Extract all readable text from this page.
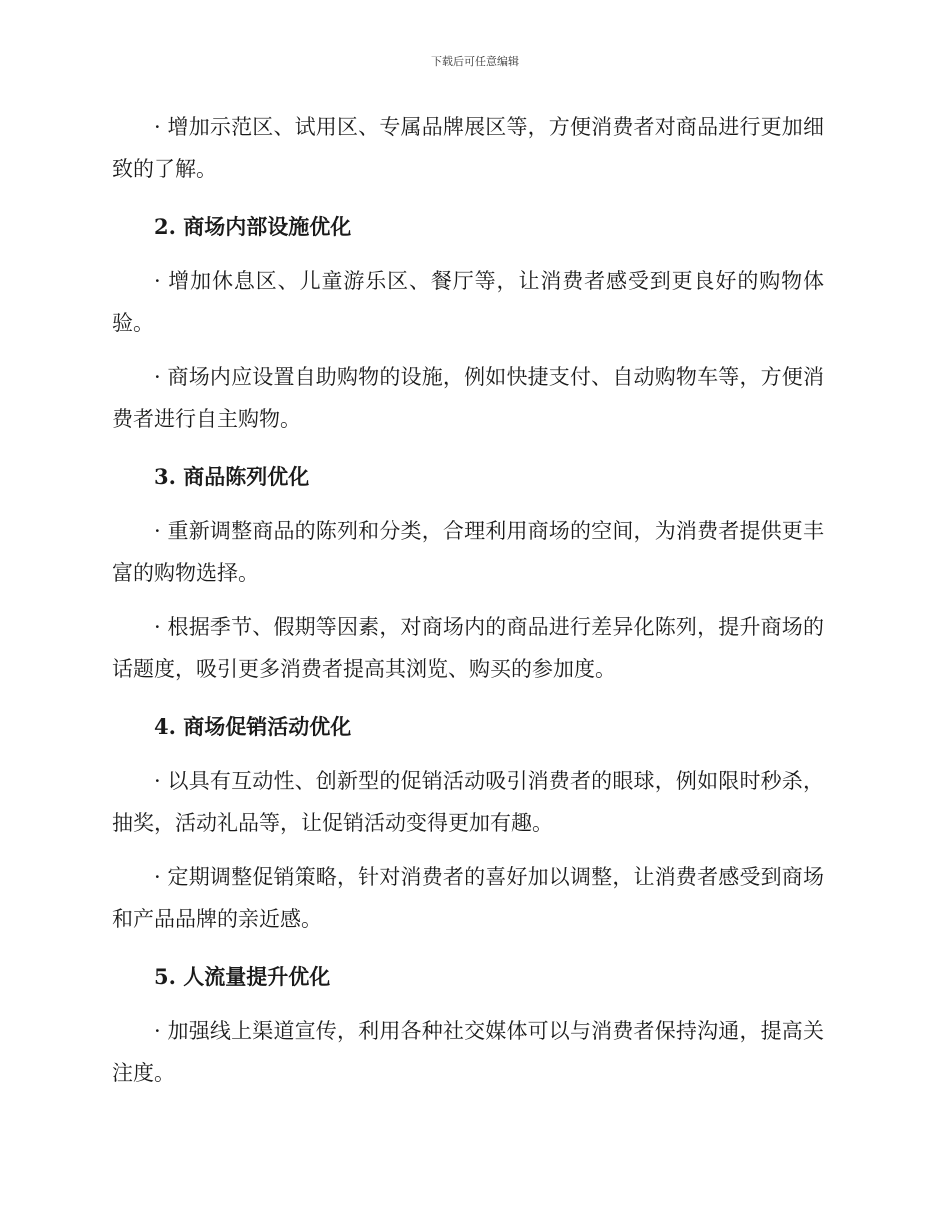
下载后可任意编辑

· 增加示范区、试用区、专属品牌展区等，方便消费者对商品进行更加细致的了解。

2. 商场内部设施优化

· 增加休息区、儿童游乐区、餐厅等，让消费者感受到更良好的购物体验。

· 商场内应设置自助购物的设施，例如快捷支付、自动购物车等，方便消费者进行自主购物。

3. 商品陈列优化

· 重新调整商品的陈列和分类，合理利用商场的空间，为消费者提供更丰富的购物选择。

· 根据季节、假期等因素，对商场内的商品进行差异化陈列，提升商场的话题度，吸引更多消费者提高其浏览、购买的参加度。

4. 商场促销活动优化

· 以具有互动性、创新型的促销活动吸引消费者的眼球，例如限时秒杀，抽奖，活动礼品等，让促销活动变得更加有趣。

· 定期调整促销策略，针对消费者的喜好加以调整，让消费者感受到商场和产品品牌的亲近感。

5. 人流量提升优化

· 加强线上渠道宣传，利用各种社交媒体可以与消费者保持沟通，提高关注度。
